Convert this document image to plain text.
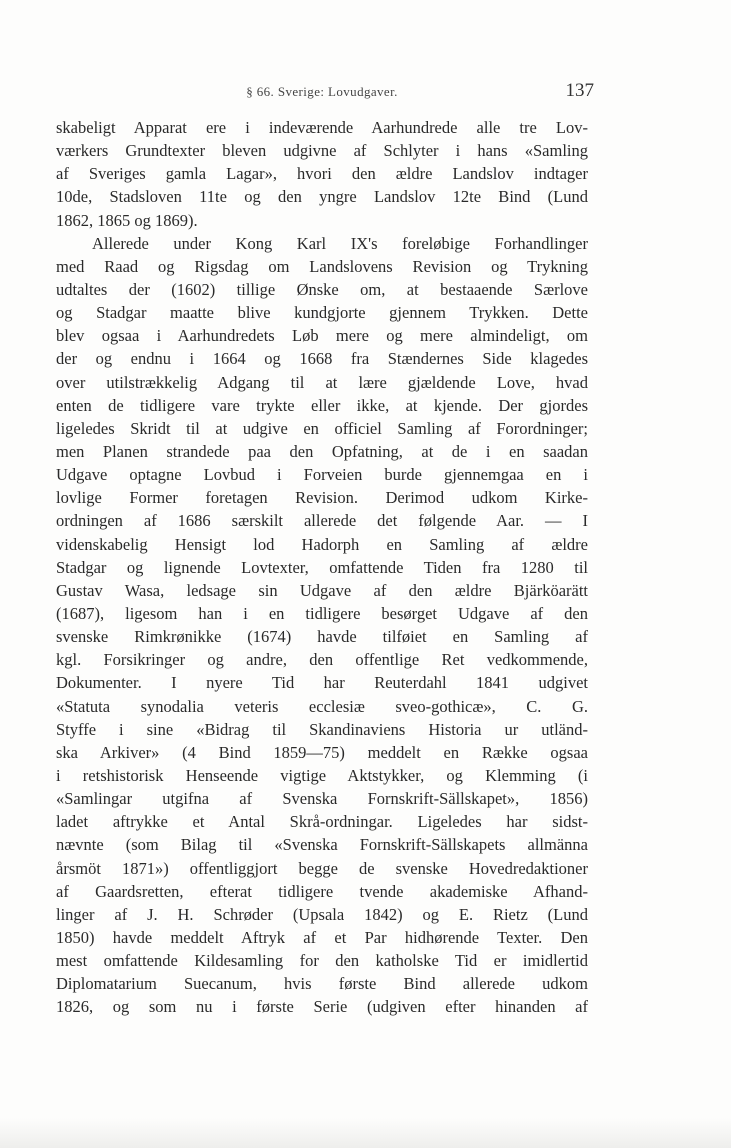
§ 66. Sverige: Lovudgaver.	137
skabeligt Apparat ere i indeværende Aarhundrede alle tre Lov-
værkers Grundtexter bleven udgivne af Schlyter i hans «Samling
af Sveriges gamla Lagar», hvori den ældre Landslov indtager
10de, Stadsloven 11te og den yngre Landslov 12te Bind (Lund
1862, 1865 og 1869).
Allerede under Kong Karl IX's foreløbige Forhandlinger
med Raad og Rigsdag om Landslovens Revision og Trykning
udtaltes der (1602) tillige Ønske om, at bestaaende Særlove
og Stadgar maatte blive kundgjorte gjennem Trykken. Dette
blev ogsaa i Aarhundredets Løb mere og mere almindeligt, om
der og endnu i 1664 og 1668 fra Stændernes Side klagedes
over utilstrækkelig Adgang til at lære gjældende Love, hvad
enten de tidligere vare trykte eller ikke, at kjende. Der gjordes
ligeledes Skridt til at udgive en officiel Samling af Forordninger;
men Planen strandede paa den Opfatning, at de i en saadan
Udgave optagne Lovbud i Forveien burde gjennemgaa en i
lovlige Former foretagen Revision. Derimod udkom Kirke-
ordningen af 1686 særskilt allerede det følgende Aar. — I
videnskabelig Hensigt lod Hadorph en Samling af ældre
Stadgar og lignende Lovtexter, omfattende Tiden fra 1280 til
Gustav Wasa, ledsage sin Udgave af den ældre Bjärköarätt
(1687), ligesom han i en tidligere besørget Udgave af den
svenske Rimkrønikke (1674) havde tilføiet en Samling af
kgl. Forsikringer og andre, den offentlige Ret vedkommende,
Dokumenter. I nyere Tid har Reuterdahl 1841 udgivet
«Statuta synodalia veteris ecclesiæ sveo-gothicæ», C. G.
Styffe i sine «Bidrag til Skandinaviens Historia ur utländ-
ska Arkiver» (4 Bind 1859—75) meddelt en Række ogsaa
i retshistorisk Henseende vigtige Aktstykker, og Klemming (i
«Samlingar utgifna af Svenska Fornskrift-Sällskapet», 1856)
ladet aftrykke et Antal Skrå-ordningar. Ligeledes har sidst-
nævnte (som Bilag til «Svenska Fornskrift-Sällskapets allmänna
årsmöt 1871») offentliggjort begge de svenske Hovedredaktioner
af Gaardsretten, efterat tidligere tvende akademiske Afhand-
linger af J. H. Schrøder (Upsala 1842) og E. Rietz (Lund
1850) havde meddelt Aftryk af et Par hidhørende Texter. Den
mest omfattende Kildesamling for den katholske Tid er imidlertid
Diplomatarium Suecanum, hvis første Bind allerede udkom
1826, og som nu i første Serie (udgiven efter hinanden af
